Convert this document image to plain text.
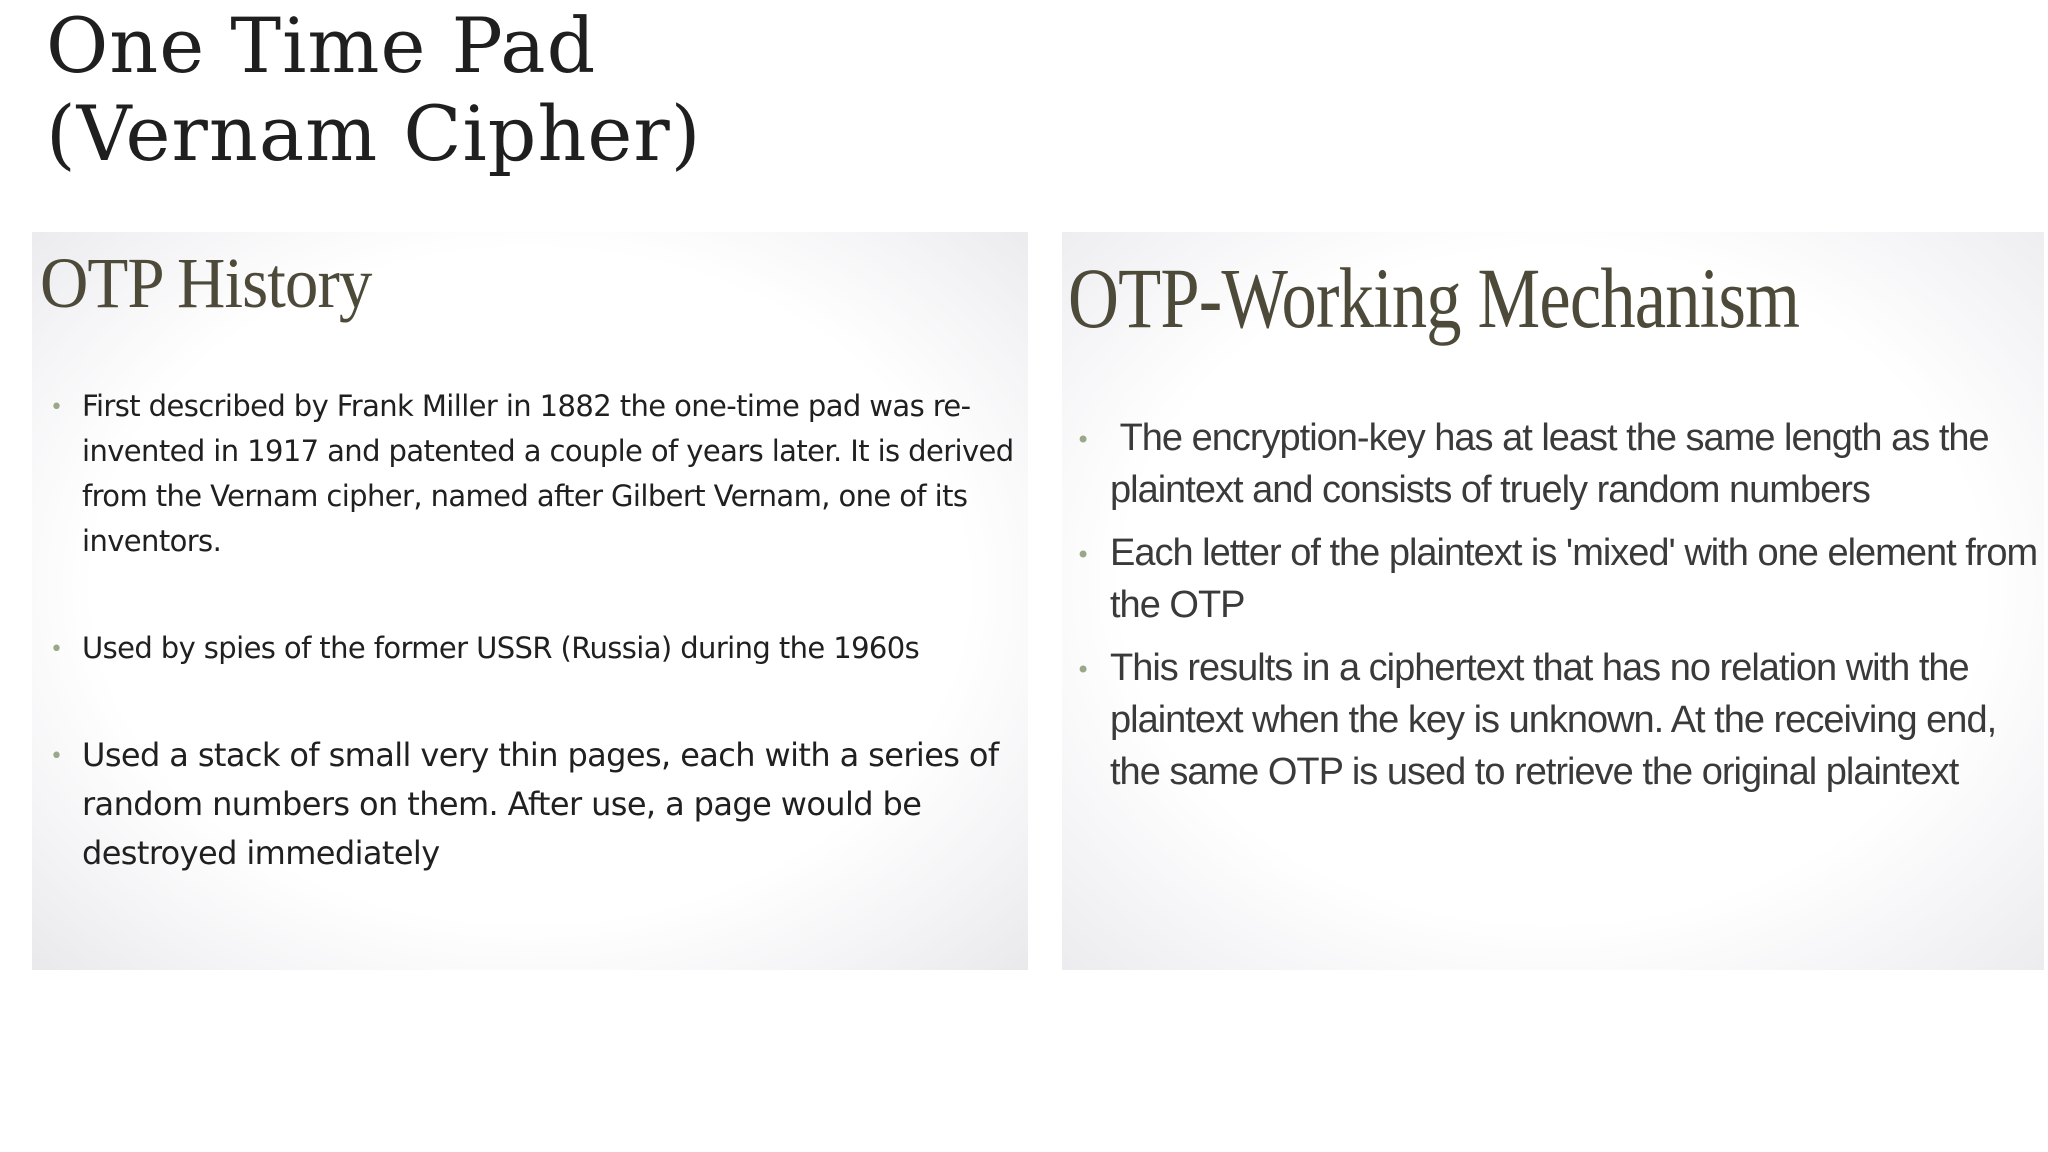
One Time Pad
(Vernam Cipher)
OTP History
• First described by Frank Miller in 1882 the one-time pad was re-invented in 1917 and patented a couple of years later. It is derived from the Vernam cipher, named after Gilbert Vernam, one of its inventors.
• Used by spies of the former USSR (Russia) during the 1960s
• Used a stack of small very thin pages, each with a series of random numbers on them. After use, a page would be destroyed immediately
OTP-Working Mechanism
• The encryption-key has at least the same length as the plaintext and consists of truely random numbers
• Each letter of the plaintext is 'mixed' with one element from the OTP
• This results in a ciphertext that has no relation with the plaintext when the key is unknown. At the receiving end, the same OTP is used to retrieve the original plaintext
